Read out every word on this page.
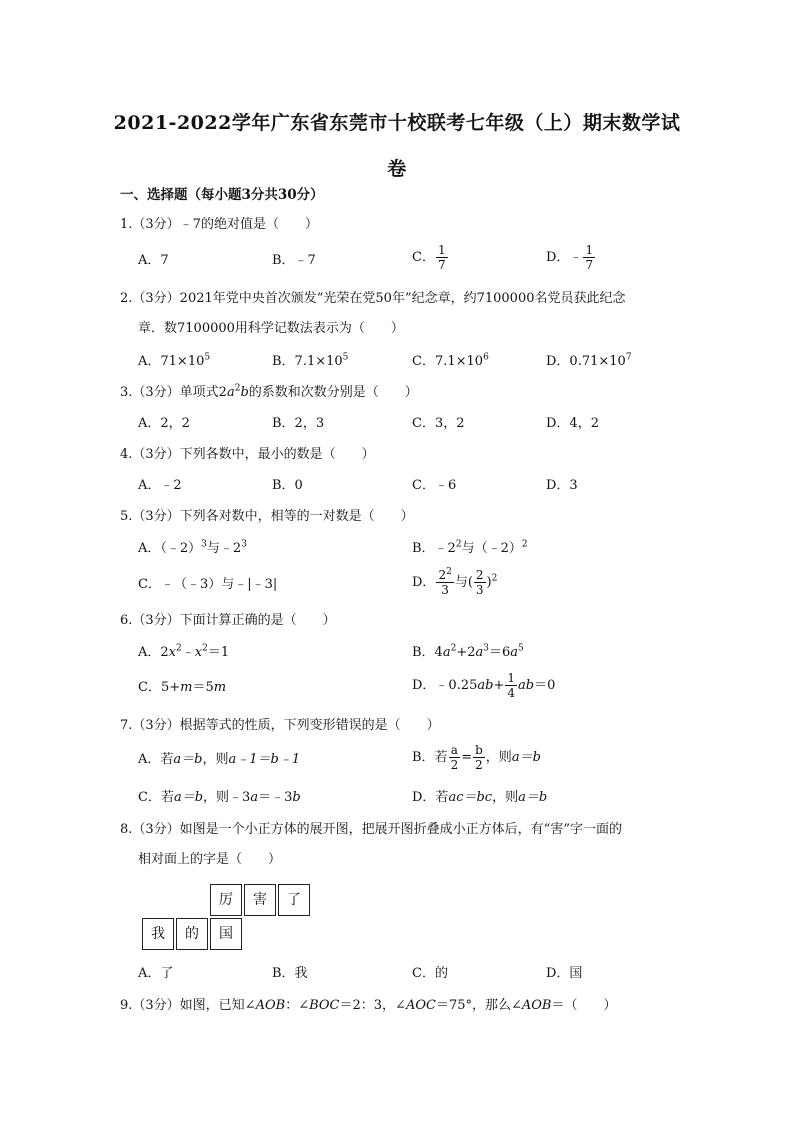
2021-2022学年广东省东莞市十校联考七年级（上）期末数学试
卷
一、选择题（每小题3分共30分）
1.（3分）﹣7的绝对值是（　　）
A．7	B．﹣7	C． $\frac{1}{7}$	D．﹣ $\frac{1}{7}$
2.（3分）2021年党中央首次颁发“光荣在党50年”纪念章，约7100000名党员获此纪念
章．数7100000用科学记数法表示为（　　）
A．$71\times 10^5$	B．$7.1\times 10^5$	C．$7.1\times 10^6$	D．$0.71\times 10^7$
3.（3分）单项式$2a^2b$的系数和次数分别是（　　）
A．2，2	B．2，3	C．3，2	D．4，2
4.（3分）下列各数中，最小的数是（　　）
A．﹣2	B．0	C．﹣6	D．3
5.（3分）下列各对数中，相等的一对数是（　　）
A．（﹣2）$^3$与$﹣2^3$	B．$﹣2^2$与（﹣2）$^2$
C．﹣（﹣3）与﹣|﹣3|	D． $\frac{2^2}{3}$ 与( $\frac{2}{3} )^2$
6.（3分）下面计算正确的是（　　）
A．$2x^2﹣x^2=1$	B．$4a^2+2a^3=6a^5$
C．5+m＝5m	D．﹣0.25ab+ $\frac{1}{4} ab=0$
7.（3分）根据等式的性质，下列变形错误的是（　　）
A．若a＝b，则a﹣1＝b﹣1	B．若 $\frac{a}{2} = \frac{b}{2}$ ，则a＝b
C．若a＝b，则﹣3a＝﹣3b	D．若ac＝bc，则a＝b
8.（3分）如图是一个小正方体的展开图，把展开图折叠成小正方体后，有“害”字一面的
相对面上的字是（　　）
厉	害	了
我	的	国
A．了	B．我	C．的	D．国
9.（3分）如图，已知∠AOB：∠BOC＝2：3，∠AOC＝75°，那么∠AOB＝（　　）
